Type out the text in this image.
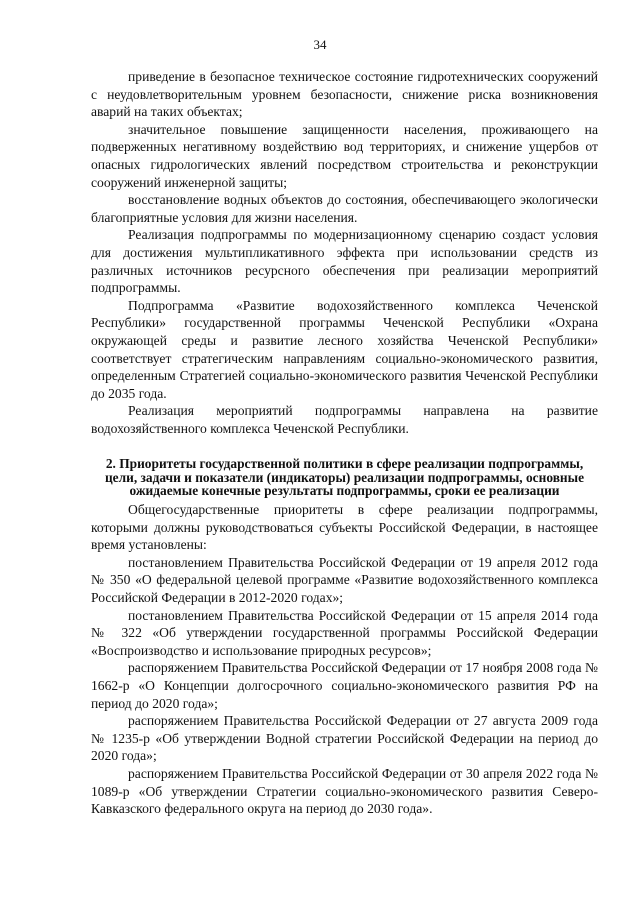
34

приведение в безопасное техническое состояние гидротехнических сооружений с неудовлетворительным уровнем безопасности, снижение риска возникновения аварий на таких объектах;

значительное повышение защищенности населения, проживающего на подверженных негативному воздействию вод территориях, и снижение ущербов от опасных гидрологических явлений посредством строительства и реконструкции сооружений инженерной защиты;

восстановление водных объектов до состояния, обеспечивающего экологически благоприятные условия для жизни населения.

Реализация подпрограммы по модернизационному сценарию создаст условия для достижения мультипликативного эффекта при использовании средств из различных источников ресурсного обеспечения при реализации мероприятий подпрограммы.

Подпрограмма «Развитие водохозяйственного комплекса Чеченской Республики» государственной программы Чеченской Республики «Охрана окружающей среды и развитие лесного хозяйства Чеченской Республики» соответствует стратегическим направлениям социально-экономического развития, определенным Стратегией социально-экономического развития Чеченской Республики до 2035 года.

Реализация мероприятий подпрограммы направлена на развитие водохозяйственного комплекса Чеченской Республики.

2. Приоритеты государственной политики в сфере реализации подпрограммы, цели, задачи и показатели (индикаторы) реализации подпрограммы, основные ожидаемые конечные результаты подпрограммы, сроки ее реализации

Общегосударственные приоритеты в сфере реализации подпрограммы, которыми должны руководствоваться субъекты Российской Федерации, в настоящее время установлены:

постановлением Правительства Российской Федерации от 19 апреля 2012 года № 350 «О федеральной целевой программе «Развитие водохозяйственного комплекса Российской Федерации в 2012-2020 годах»;

постановлением Правительства Российской Федерации от 15 апреля 2014 года № 322 «Об утверждении государственной программы Российской Федерации «Воспроизводство и использование природных ресурсов»;

распоряжением Правительства Российской Федерации от 17 ноября 2008 года № 1662-р «О Концепции долгосрочного социально-экономического развития РФ на период до 2020 года»;

распоряжением Правительства Российской Федерации от 27 августа 2009 года № 1235-р «Об утверждении Водной стратегии Российской Федерации на период до 2020 года»;

распоряжением Правительства Российской Федерации от 30 апреля 2022 года № 1089-р «Об утверждении Стратегии социально-экономического развития Северо-Кавказского федерального округа на период до 2030 года».
